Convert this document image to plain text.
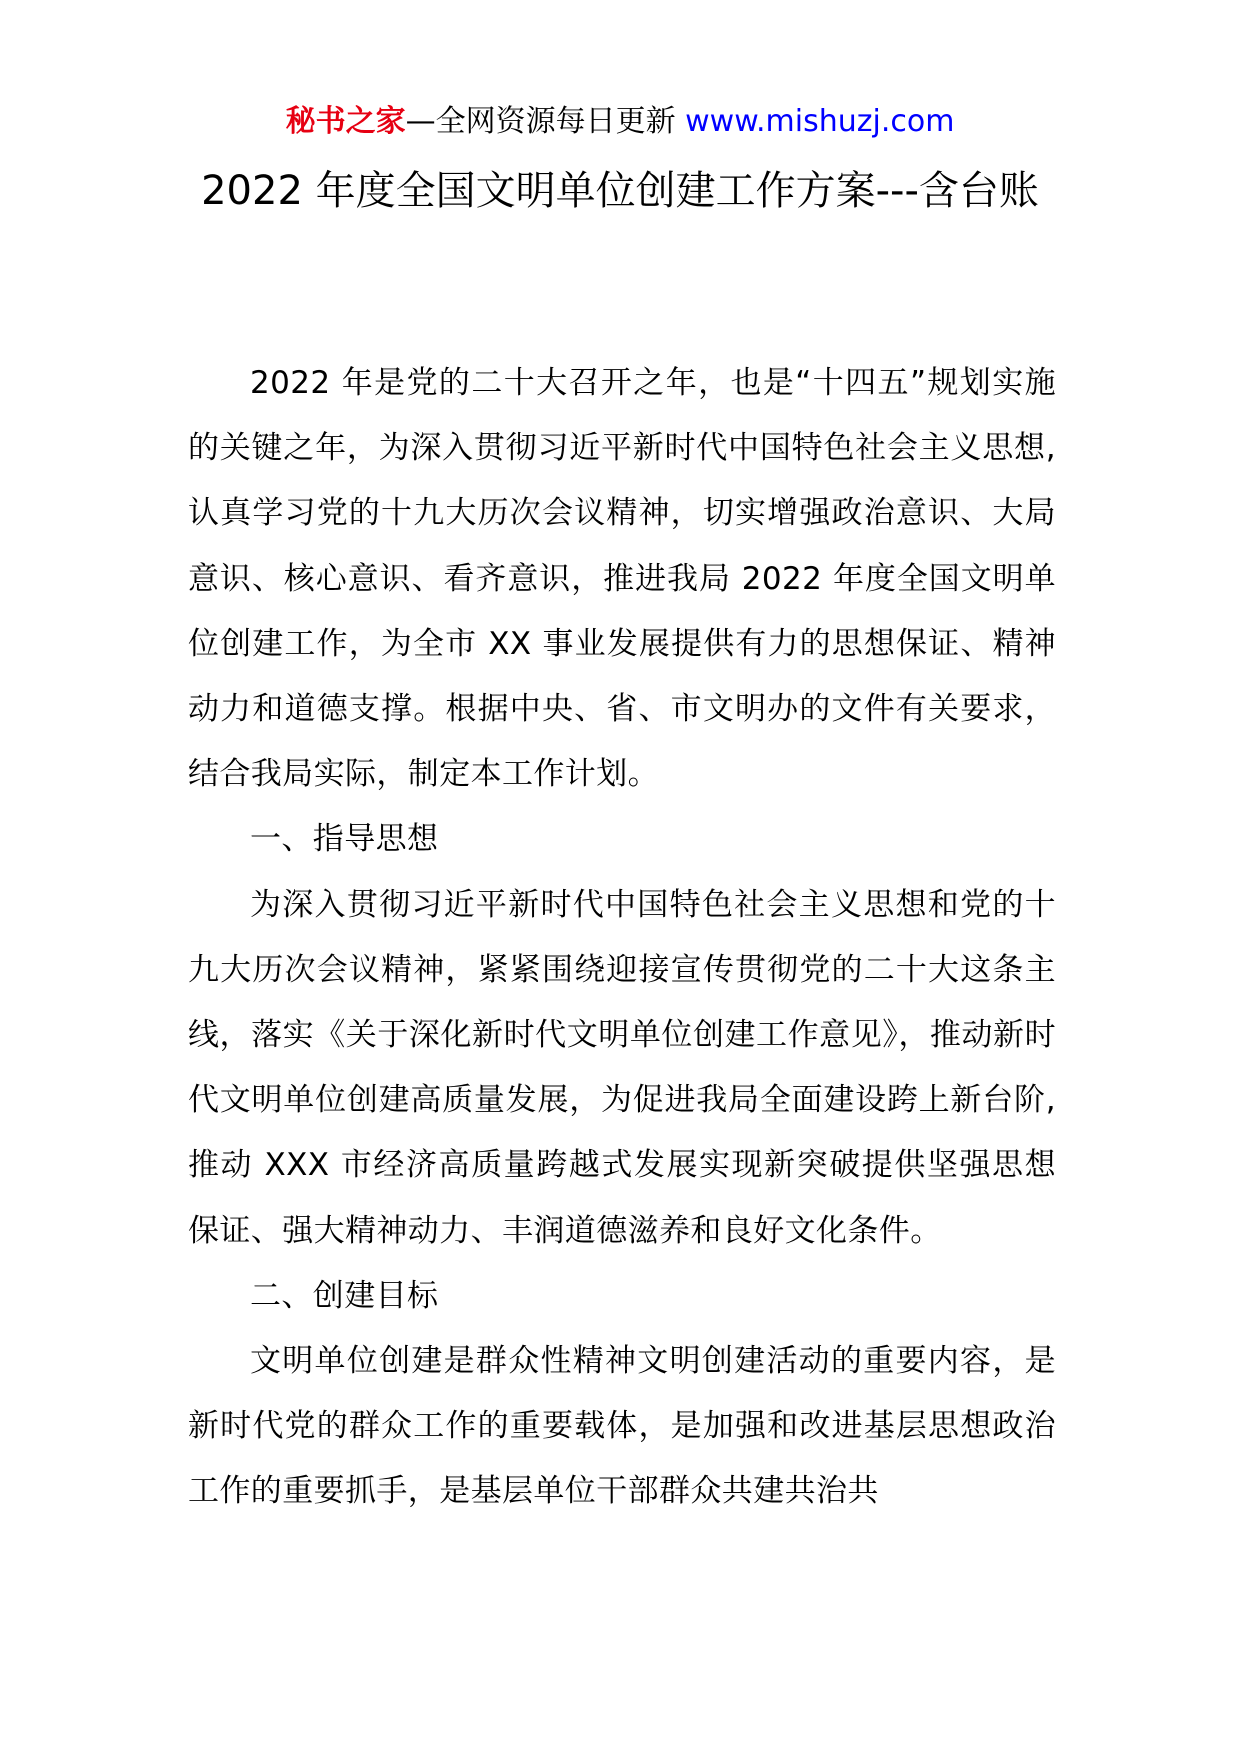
秘书之家—全网资源每日更新 www.mishuzj.com
2022 年度全国文明单位创建工作方案---含台账

2022 年是党的二十大召开之年，也是“十四五”规划实施的关键之年，为深入贯彻习近平新时代中国特色社会主义思想,认真学习党的十九大历次会议精神，切实增强政治意识、大局意识、核心意识、看齐意识，推进我局 2022 年度全国文明单位创建工作，为全市 XX 事业发展提供有力的思想保证、精神动力和道德支撑。根据中央、省、市文明办的文件有关要求，结合我局实际，制定本工作计划。

一、指导思想

为深入贯彻习近平新时代中国特色社会主义思想和党的十九大历次会议精神，紧紧围绕迎接宣传贯彻党的二十大这条主线，落实《关于深化新时代文明单位创建工作意见》，推动新时代文明单位创建高质量发展，为促进我局全面建设跨上新台阶,推动 XXX 市经济高质量跨越式发展实现新突破提供坚强思想保证、强大精神动力、丰润道德滋养和良好文化条件。

二、创建目标

文明单位创建是群众性精神文明创建活动的重要内容，是新时代党的群众工作的重要载体，是加强和改进基层思想政治工作的重要抓手，是基层单位干部群众共建共治共
